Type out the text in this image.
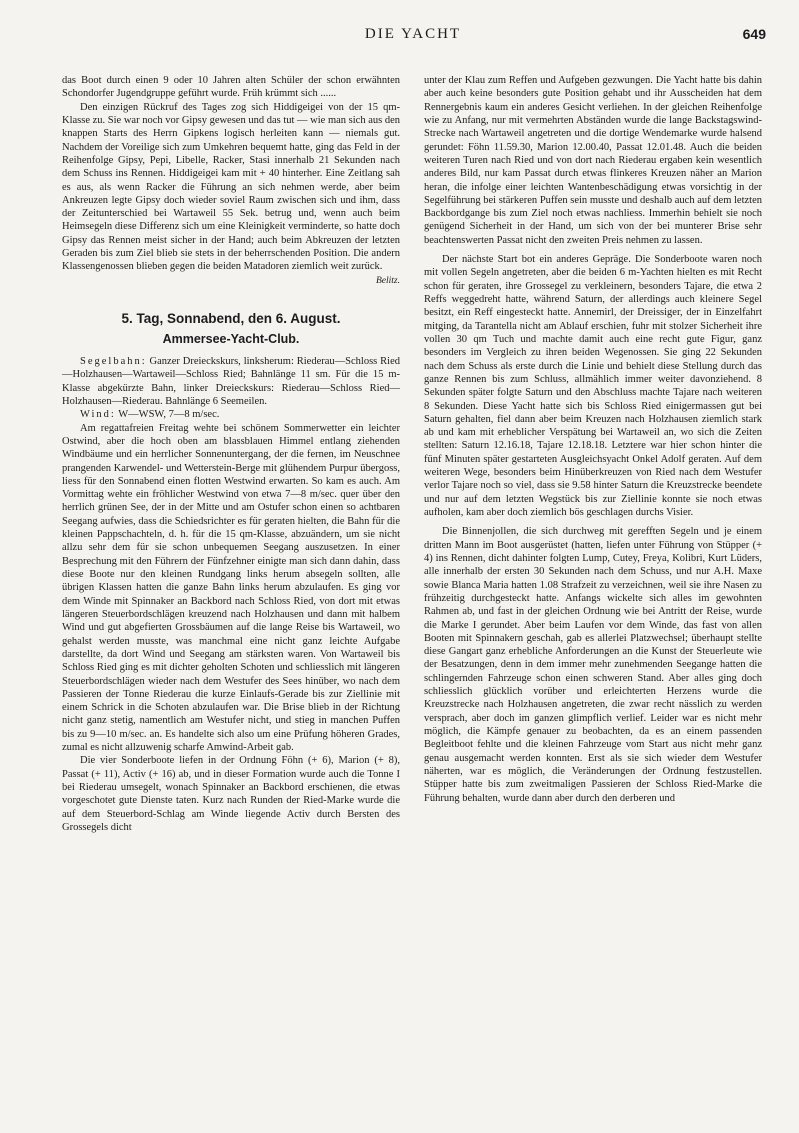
DIE YACHT	649

das Boot durch einen 9 oder 10 Jahren alten Schüler der schon erwähnten Schondorfer Jugendgruppe geführt wurde. Früh krümmt sich ......

Den einzigen Rückruf des Tages zog sich Hiddigeigei von der 15 qm-Klasse zu. Sie war noch vor Gipsy gewesen und das tut — wie man sich aus den knappen Starts des Herrn Gipkens logisch herleiten kann — niemals gut. Nachdem der Voreilige sich zum Umkehren bequemt hatte, ging das Feld in der Reihenfolge Gipsy, Pepi, Libelle, Racker, Stasi innerhalb 21 Sekunden nach dem Schuss ins Rennen. Hiddigeigei kam mit + 40 hinterher. Eine Zeitlang sah es aus, als wenn Racker die Führung an sich nehmen werde, aber beim Ankreuzen legte Gipsy doch wieder soviel Raum zwischen sich und ihm, dass der Zeitunterschied bei Wartaweil 55 Sek. betrug und, wenn auch beim Heimsegeln diese Differenz sich um eine Kleinigkeit verminderte, so hatte doch Gipsy das Rennen meist sicher in der Hand; auch beim Abkreuzen der letzten Geraden bis zum Ziel blieb sie stets in der beherrschenden Position. Die andern Klassengenossen blieben gegen die beiden Matadoren ziemlich weit zurück.

Belitz.
5. Tag, Sonnabend, den 6. August.
Ammersee-Yacht-Club.

Segelbahn: Ganzer Dreieckskurs, linksherum: Riederau—Schloss Ried—Holzhausen—Wartaweil—Schloss Ried; Bahnlänge 11 sm. Für die 15 m-Klasse abgekürzte Bahn, linker Dreieckskurs: Riederau—Schloss Ried—Holzhausen—Riederau. Bahnlänge 6 Seemeilen.

Wind: W—WSW, 7—8 m/sec.

Am regattafreien Freitag wehte bei schönem Sommerwetter ein leichter Ostwind, aber die hoch oben am blassblauen Himmel entlang ziehenden Windbäume und ein herrlicher Sonnenuntergang, der die fernen, im Neuschnee prangenden Karwendel- und Wetterstein-Berge mit glühendem Purpur übergoss, liess für den Sonnabend einen flotten Westwind erwarten. So kam es auch. Am Vormittag wehte ein fröhlicher Westwind von etwa 7—8 m/sec. quer über den herrlich grünen See, der in der Mitte und am Ostufer schon einen so achtbaren Seegang aufwies, dass die Schiedsrichter es für geraten hielten, die Bahn für die kleinen Pappschachteln, d. h. für die 15 qm-Klasse, abzuändern, um sie nicht allzu sehr dem für sie schon unbequemen Seegang auszusetzen. In einer Besprechung mit den Führern der Fünfzehner einigte man sich dann dahin, dass diese Boote nur den kleinen Rundgang links herum absegeln sollten, alle übrigen Klassen hatten die ganze Bahn links herum abzulaufen. Es ging vor dem Winde mit Spinnaker an Backbord nach Schloss Ried, von dort mit etwas längeren Steuerbordschlägen kreuzend nach Holzhausen und dann mit halbem Wind und gut abgefierten Grossbäumen auf die lange Reise bis Wartaweil, wo gehalst werden musste, was manchmal eine nicht ganz leichte Aufgabe darstellte, da dort Wind und Seegang am stärksten waren. Von Wartaweil bis Schloss Ried ging es mit dichter geholten Schoten und schliesslich mit längeren Steuerbordschlägen wieder nach dem Westufer des Sees hinüber, wo nach dem Passieren der Tonne Riederau die kurze Einlaufs-Gerade bis zur Ziellinie mit einem Schrick in die Schoten abzulaufen war. Die Brise blieb in der Richtung nicht ganz stetig, namentlich am Westufer nicht, und stieg in manchen Puffen bis zu 9—10 m/sec. an. Es handelte sich also um eine Prüfung höheren Grades, zumal es nicht allzuwenig scharfe Amwind-Arbeit gab.

Die vier Sonderboote liefen in der Ordnung Föhn (+ 6), Marion (+ 8), Passat (+ 11), Activ (+ 16) ab, und in dieser Formation wurde auch die Tonne I bei Riederau umsegelt, wonach Spinnaker an Backbord erschienen, die etwas vorgeschotet gute Dienste taten. Kurz nach Runden der Ried-Marke wurde die auf dem Steuerbord-Schlag am Winde liegende Activ durch Bersten des Grossegels dicht

unter der Klau zum Reffen und Aufgeben gezwungen. Die Yacht hatte bis dahin aber auch keine besonders gute Position gehabt und ihr Ausscheiden hat dem Rennergebnis kaum ein anderes Gesicht verliehen. In der gleichen Reihenfolge wie zu Anfang, nur mit vermehrten Abständen wurde die lange Backstagswind-Strecke nach Wartaweil angetreten und die dortige Wendemarke wurde halsend gerundet: Föhn 11.59.30, Marion 12.00.40, Passat 12.01.48. Auch die beiden weiteren Turen nach Ried und von dort nach Riederau ergaben kein wesentlich anderes Bild, nur kam Passat durch etwas flinkeres Kreuzen näher an Marion heran, die infolge einer leichten Wantenbeschädigung etwas vorsichtig in der Segelführung bei stärkeren Puffen sein musste und deshalb auch auf dem letzten Backbordgange bis zum Ziel noch etwas nachliess. Immerhin behielt sie noch genügend Sicherheit in der Hand, um sich von der bei munterer Brise sehr beachtenswerten Passat nicht den zweiten Preis nehmen zu lassen.

Der nächste Start bot ein anderes Gepräge. Die Sonderboote waren noch mit vollen Segeln angetreten, aber die beiden 6 m-Yachten hielten es mit Recht schon für geraten, ihre Grossegel zu verkleinern, besonders Tajare, die etwa 2 Reffs weggedreht hatte, während Saturn, der allerdings auch kleinere Segel besitzt, ein Reff eingesteckt hatte. Annemirl, der Dreissiger, der in Einzelfahrt mitging, da Tarantella nicht am Ablauf erschien, fuhr mit stolzer Sicherheit ihre vollen 30 qm Tuch und machte damit auch eine recht gute Figur, ganz besonders im Vergleich zu ihren beiden Wegenossen. Sie ging 22 Sekunden nach dem Schuss als erste durch die Linie und behielt diese Stellung durch das ganze Rennen bis zum Schluss, allmählich immer weiter davonziehend. 8 Sekunden später folgte Saturn und den Abschluss machte Tajare nach weiteren 8 Sekunden. Diese Yacht hatte sich bis Schloss Ried einigermassen gut bei Saturn gehalten, fiel dann aber beim Kreuzen nach Holzhausen ziemlich stark ab und kam mit erheblicher Verspätung bei Wartaweil an, wo sich die Zeiten stellten: Saturn 12.16.18, Tajare 12.18.18. Letztere war hier schon hinter die fünf Minuten später gestarteten Ausgleichsyacht Onkel Adolf geraten. Auf dem weiteren Wege, besonders beim Hinüberkreuzen von Ried nach dem Westufer verlor Tajare noch so viel, dass sie 9.58 hinter Saturn die Kreuzstrecke beendete und nur auf dem letzten Wegstück bis zur Ziellinie konnte sie noch etwas aufholen, kam aber doch ziemlich bös geschlagen durchs Visier.

Die Binnenjollen, die sich durchweg mit gerefften Segeln und je einem dritten Mann im Boot ausgerüstet (hatten, liefen unter Führung von Stüpper (+ 4) ins Rennen, dicht dahinter folgten Lump, Cutey, Freya, Kolibri, Kurt Lüders, alle innerhalb der ersten 30 Sekunden nach dem Schuss, und nur A.H. Maxe sowie Blanca Maria hatten 1.08 Strafzeit zu verzeichnen, weil sie ihre Nasen zu frühzeitig durchgesteckt hatte. Anfangs wickelte sich alles im gewohnten Rahmen ab, und fast in der gleichen Ordnung wie bei Antritt der Reise, wurde die Marke I gerundet. Aber beim Laufen vor dem Winde, das fast von allen Booten mit Spinnakern geschah, gab es allerlei Platzwechsel; überhaupt stellte diese Gangart ganz erhebliche Anforderungen an die Kunst der Steuerleute wie der Besatzungen, denn in dem immer mehr zunehmenden Seegange hatten die schlingernden Fahrzeuge schon einen schweren Stand. Aber alles ging doch schliesslich glücklich vorüber und erleichterten Herzens wurde die Kreuzstrecke nach Holzhausen angetreten, die zwar recht nässlich zu werden versprach, aber doch im ganzen glimpflich verlief. Leider war es nicht mehr möglich, die Kämpfe genauer zu beobachten, da es an einem passenden Begleitboot fehlte und die kleinen Fahrzeuge vom Start aus nicht mehr ganz genau ausgemacht werden konnten. Erst als sie sich wieder dem Westufer näherten, war es möglich, die Veränderungen der Ordnung festzustellen. Stüpper hatte bis zum zweitmaligen Passieren der Schloss Ried-Marke die Führung behalten, wurde dann aber durch den derberen und
